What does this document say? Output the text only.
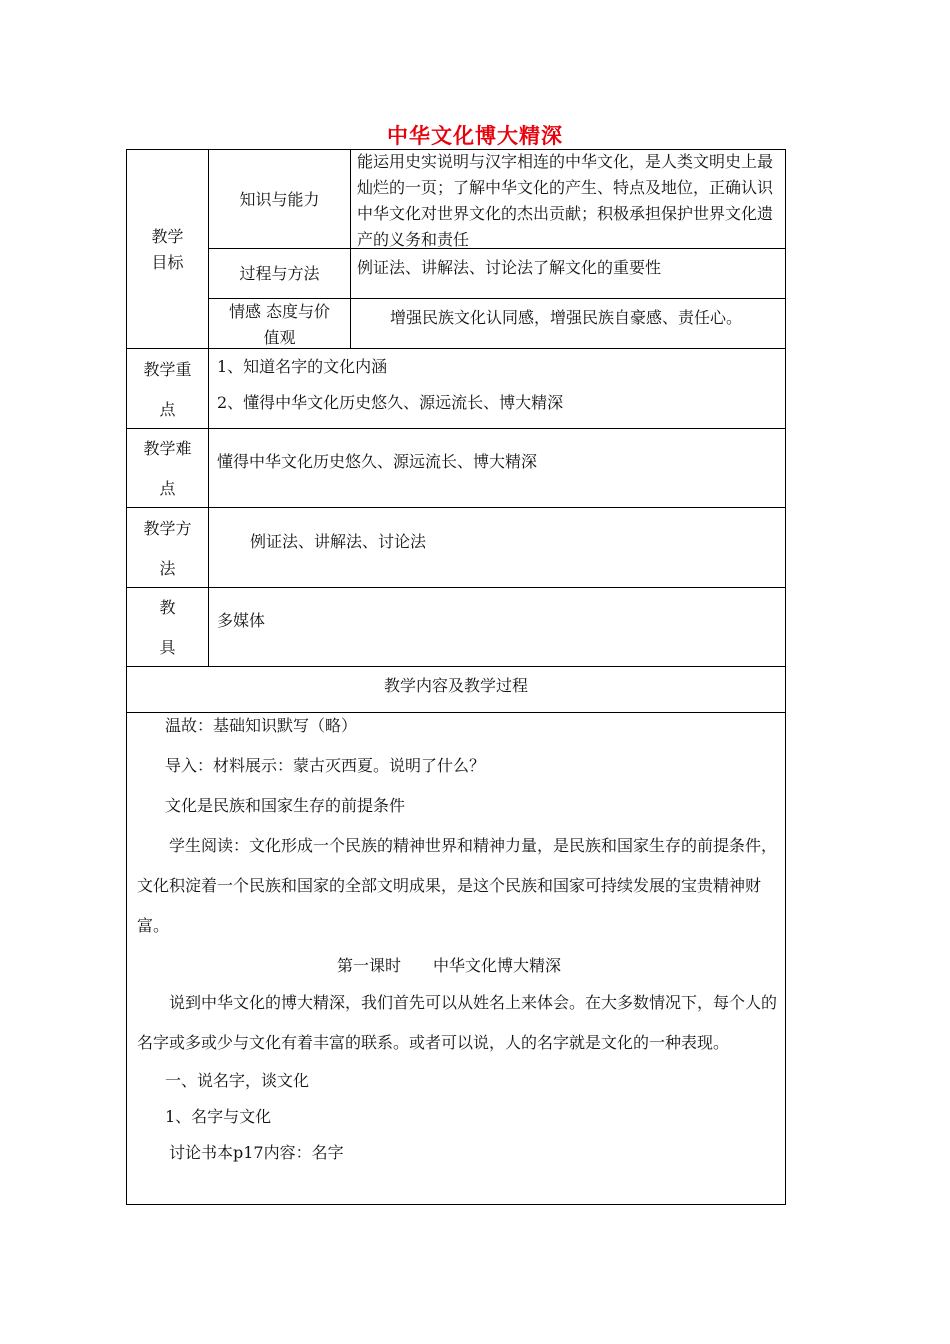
中华文化博大精深
教学
目标
知识与能力
能运用史实说明与汉字相连的中华文化，是人类文明史上最灿烂的一页；了解中华文化的产生、特点及地位，正确认识中华文化对世界文化的杰出贡献；积极承担保护世界文化遗产的义务和责任
过程与方法	例证法、讲解法、讨论法了解文化的重要性
情感 态度与价
值观
增强民族文化认同感，增强民族自豪感、责任心。
教学重
点
1、知道名字的文化内涵
2、懂得中华文化历史悠久、源远流长、博大精深
教学难
点
懂得中华文化历史悠久、源远流长、博大精深
教学方
法
例证法、讲解法、讨论法
教
具
多媒体
教学内容及教学过程

温故：基础知识默写（略）

导入：材料展示：蒙古灭西夏。说明了什么？

文化是民族和国家生存的前提条件

学生阅读：文化形成一个民族的精神世界和精神力量，是民族和国家生存的前提条件，文化积淀着一个民族和国家的全部文明成果，是这个民族和国家可持续发展的宝贵精神财富。

第一课时　　中华文化博大精深

说到中华文化的博大精深，我们首先可以从姓名上来体会。在大多数情况下，每个人的名字或多或少与文化有着丰富的联系。或者可以说，人的名字就是文化的一种表现。

一、说名字，谈文化

1、名字与文化

讨论书本p17内容：名字
